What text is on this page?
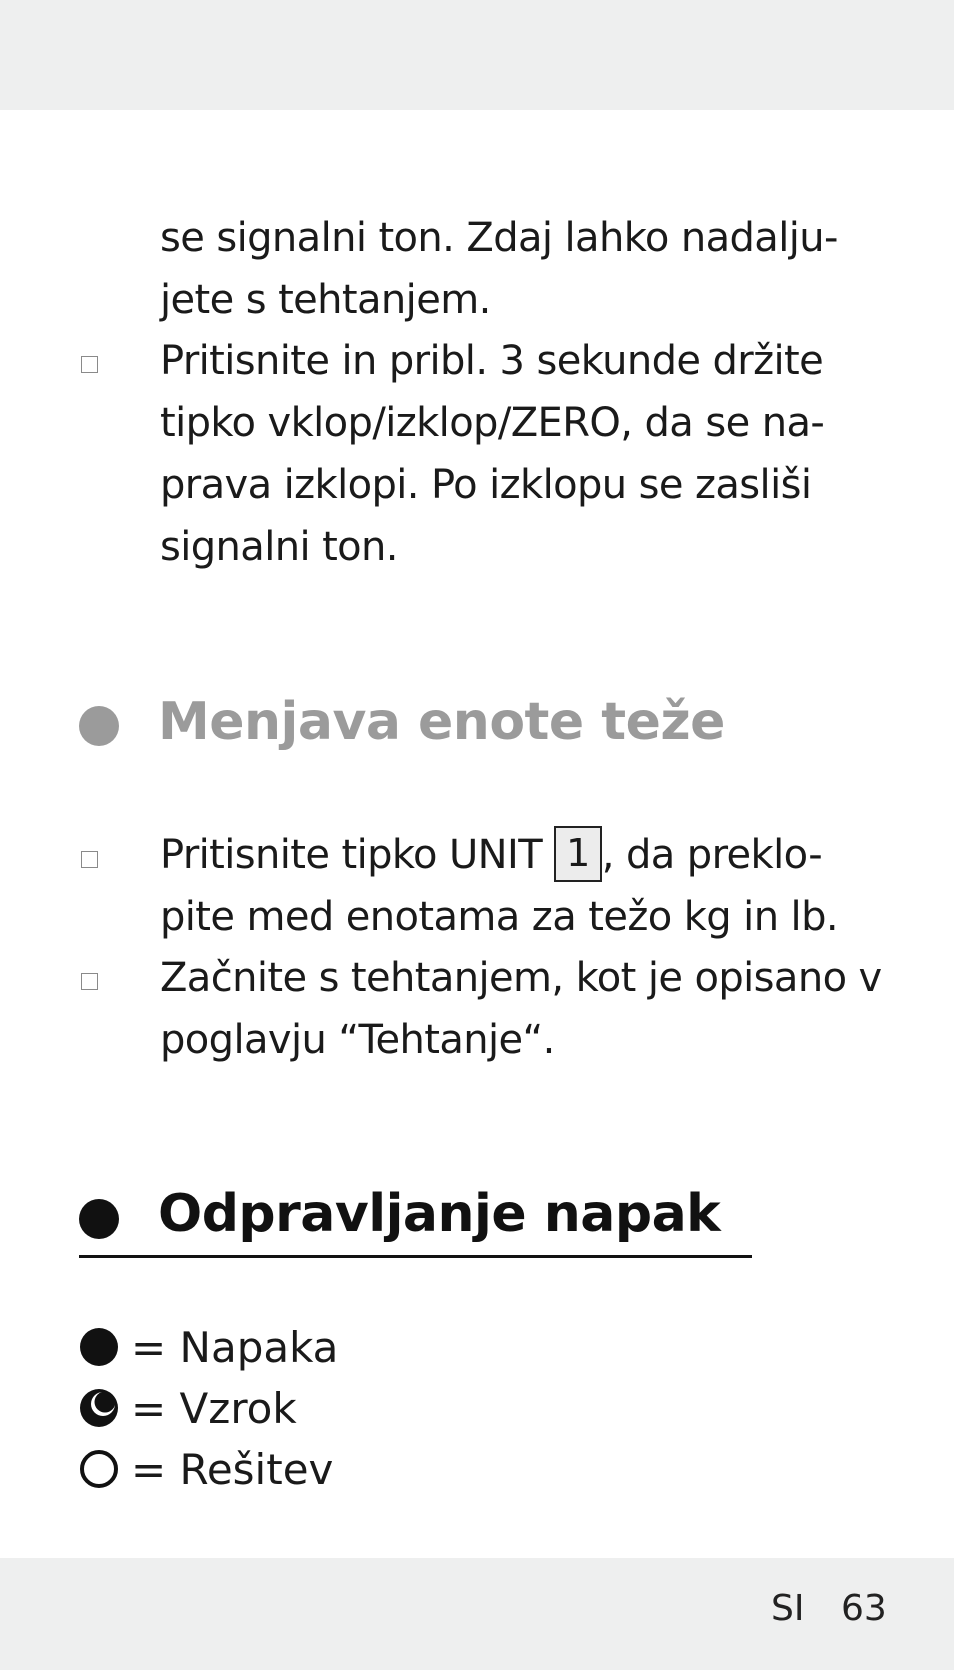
se signalni ton. Zdaj lahko nadalju-
jete s tehtanjem.
Pritisnite in pribl. 3 sekunde držite
tipko vklop/izklop/ZERO, da se na-
prava izklopi. Po izklopu se zasliši
signalni ton.
Menjava enote teže
Pritisnite tipko UNIT 1 , da preklo-
pite med enotama za težo kg in lb.
Začnite s tehtanjem, kot je opisano v
poglavju “Tehtanje“.
Odpravljanje napak
= Napaka
= Vzrok
= Rešitev
SI 63
